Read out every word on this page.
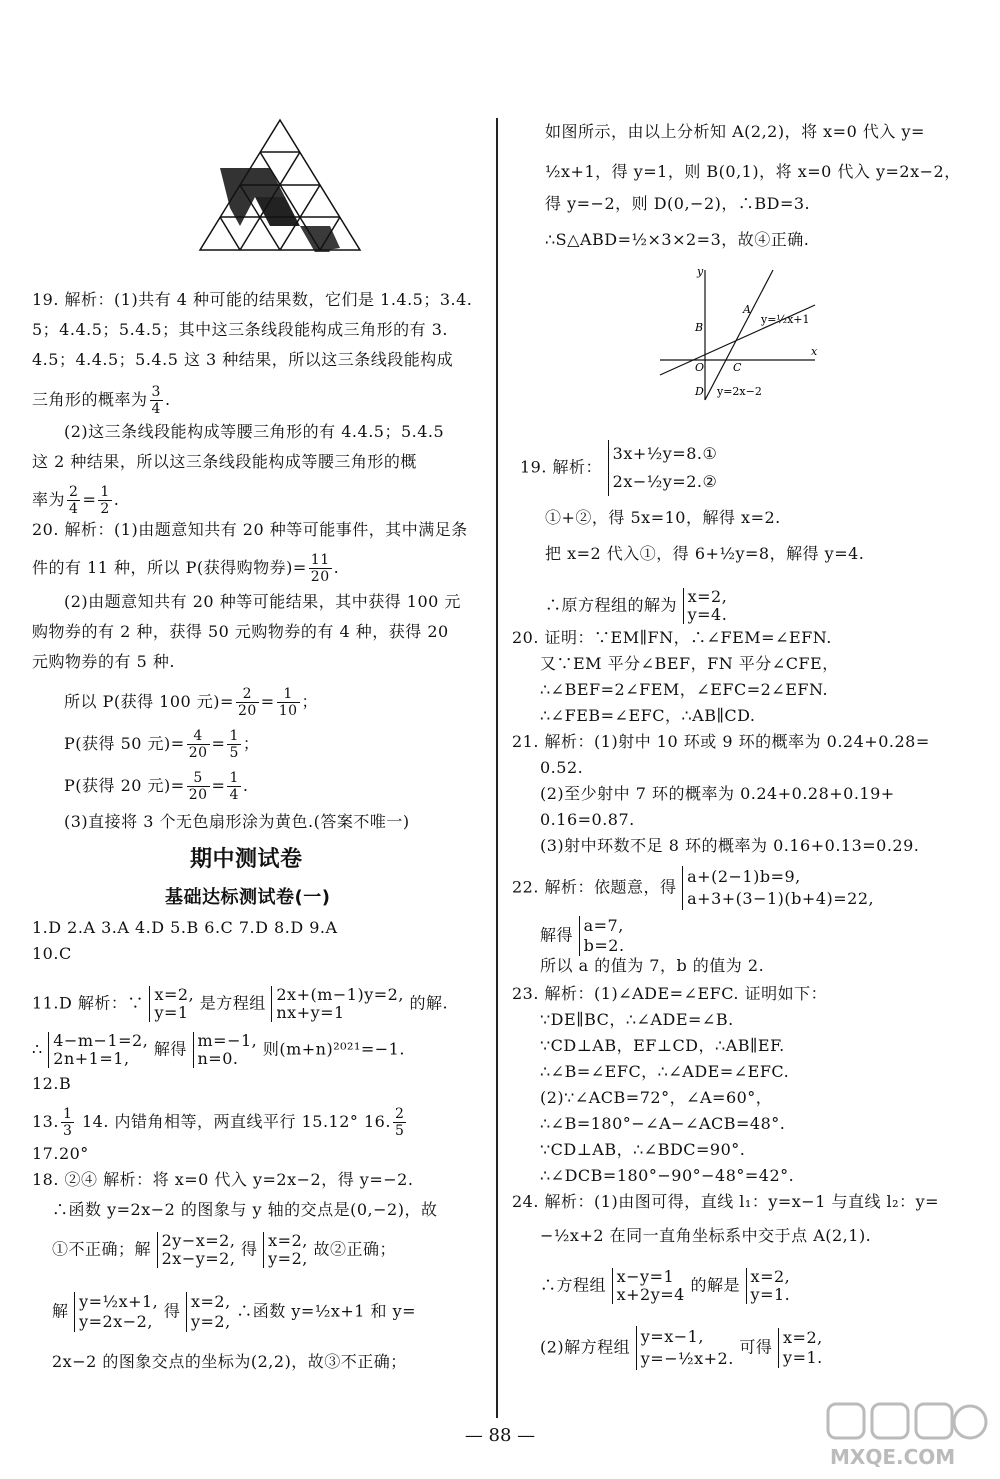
19. 解析：(1)共有 4 种可能的结果数，它们是 1.4.5；3.4.
5；4.4.5；5.4.5；其中这三条线段能构成三角形的有 3.
4.5；4.4.5；5.4.5 这 3 种结果，所以这三条线段能构成
三角形的概率为 $\frac{3}{4}$ .
(2)这三条线段能构成等腰三角形的有 4.4.5；5.4.5
这 2 种结果，所以这三条线段能构成等腰三角形的概
率为 $\frac{2}{4} = \frac{1}{2}$ .
20. 解析：(1)由题意知共有 20 种等可能事件，其中满足条
件的有 11 种，所以 P(获得购物券)= $\frac{11}{20}$ .
(2)由题意知共有 20 种等可能结果，其中获得 100 元
购物券的有 2 种，获得 50 元购物券的有 4 种，获得 20
元购物券的有 5 种.
所以 P(获得 100 元)= $\frac{2}{20} = \frac{1}{10}$ ；
P(获得 50 元)= $\frac{4}{20} = \frac{1}{5}$ ；
P(获得 20 元)= $\frac{5}{20} = \frac{1}{4}$ .
(3)直接将 3 个无色扇形涂为黄色.(答案不唯一)
期中测试卷
基础达标测试卷(一)
1.D 2.A 3.A 4.D 5.B 6.C 7.D 8.D 9.A
10.C
11.D 解析：∵ x=2,
y=1 是方程组 2x+(m−1)y=2,
nx+y=1	的解.
∴ 4−m−1=2,
2n+1=1,	解得 m=−1,
n=0.	则(m+n)²⁰²¹=−1.
12.B
13. $\frac{1}{3} 14$. 内错角相等，两直线平行 15.12° 16. $\frac{2}{5}$
17.20°
18. ②④ 解析：将 x=0 代入 y=2x−2，得 y=−2.
∴函数 y=2x−2 的图象与 y 轴的交点是(0,−2)，故
①不正确；解 2y−x=2,
2x−y=2, 得 x=2,
y=2, 故②正确；
解 y=½x+1,
y=2x−2,
得 x=2,
y=2,
∴函数 y=½x+1 和 y=
2x−2 的图象交点的坐标为(2,2)，故③不正确；
如图所示，由以上分析知 A(2,2)，将 x=0 代入 y=
½x+1，得 y=1，则 B(0,1)，将 x=0 代入 y=2x−2，
得 y=−2，则 D(0,−2)，∴BD=3.
∴S△ABD=½×3×2=3，故④正确.
y
x
A
B
O	C
D
y=½x+1
y=2x−2
19. 解析：
3x+½y=8.①
2x−½y=2.②
①+②，得 5x=10，解得 x=2.
把 x=2 代入①，得 6+½y=8，解得 y=4.
∴原方程组的解为 x=2,
y=4.
20. 证明：∵EM∥FN，∴∠FEM=∠EFN.
又∵EM 平分∠BEF，FN 平分∠CFE，
∴∠BEF=2∠FEM，∠EFC=2∠EFN.
∴∠FEB=∠EFC，∴AB∥CD.
21. 解析：(1)射中 10 环或 9 环的概率为 0.24+0.28=
0.52.
(2)至少射中 7 环的概率为 0.24+0.28+0.19+
0.16=0.87.
(3)射中环数不足 8 环的概率为 0.16+0.13=0.29.
22. 解析：依题意，得
a+(2−1)b=9,
a+3+(3−1)(b+4)=22,
解得 a=7,
b=2.
所以 a 的值为 7，b 的值为 2.
23. 解析：(1)∠ADE=∠EFC. 证明如下：
∵DE∥BC，∴∠ADE=∠B.
∵CD⊥AB，EF⊥CD，∴AB∥EF.
∴∠B=∠EFC，∴∠ADE=∠EFC.
(2)∵∠ACB=72°，∠A=60°，
∴∠B=180°−∠A−∠ACB=48°.
∵CD⊥AB，∴∠BDC=90°.
∴∠DCB=180°−90°−48°=42°.
24. 解析：(1)由图可得，直线 l₁：y=x−1 与直线 l₂：y=
−½x+2 在同一直角坐标系中交于点 A(2,1).
∴方程组 x−y=1
x+2y=4 的解是 x=2,
y=1.
(2)解方程组
y=x−1,
y=−½x+2.
可得 x=2,
y=1.
— 88 —
MXQE.COM
